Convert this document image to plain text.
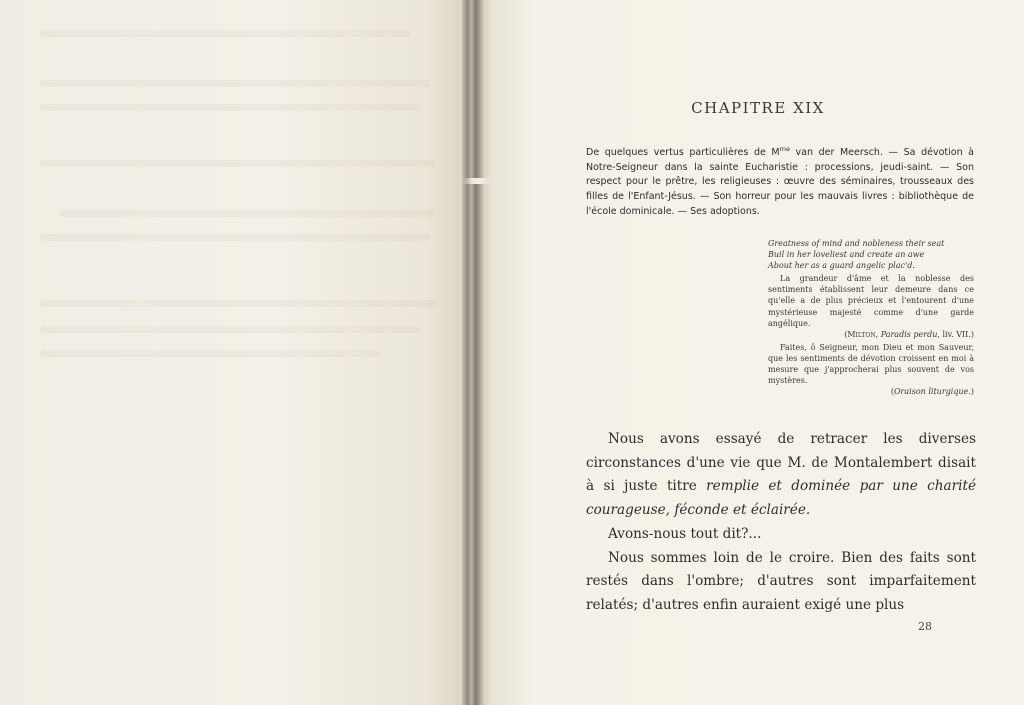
CHAPITRE XIX

De quelques vertus particulières de $M^{me}$ van der Meersch. — Sa dévotion à Notre-Seigneur dans la sainte Eucharistie : processions, jeudi-saint. — Son respect pour le prêtre, les religieuses : œuvre des séminaires, trousseaux des filles de l'Enfant-Jésus. — Son horreur pour les mauvais livres : bibliothèque de l'école dominicale. — Ses adoptions.

Greatness of mind and nobleness their seat

Buil in her loveliest and create an awe

About her as a guard angelic plac'd.

La grandeur d'âme et la noblesse des sentiments établissent leur demeure dans ce qu'elle a de plus précieux et l'entourent d'une mystérieuse majesté comme d'une garde angélique.

(Milton, Paradis perdu, liv. VII.)

Faites, ô Seigneur, mon Dieu et mon Sauveur, que les sentiments de dévotion croissent en moi à mesure que j'approcherai plus souvent de vos mystères.

(Oraison liturgique.)

Nous avons essayé de retracer les diverses circonstances d'une vie que M. de Montalembert disait à si juste titre remplie et dominée par une charité courageuse, féconde et éclairée.

Avons-nous tout dit?...

Nous sommes loin de le croire. Bien des faits sont restés dans l'ombre; d'autres sont imparfaitement relatés; d'autres enfin auraient exigé une plus

28
